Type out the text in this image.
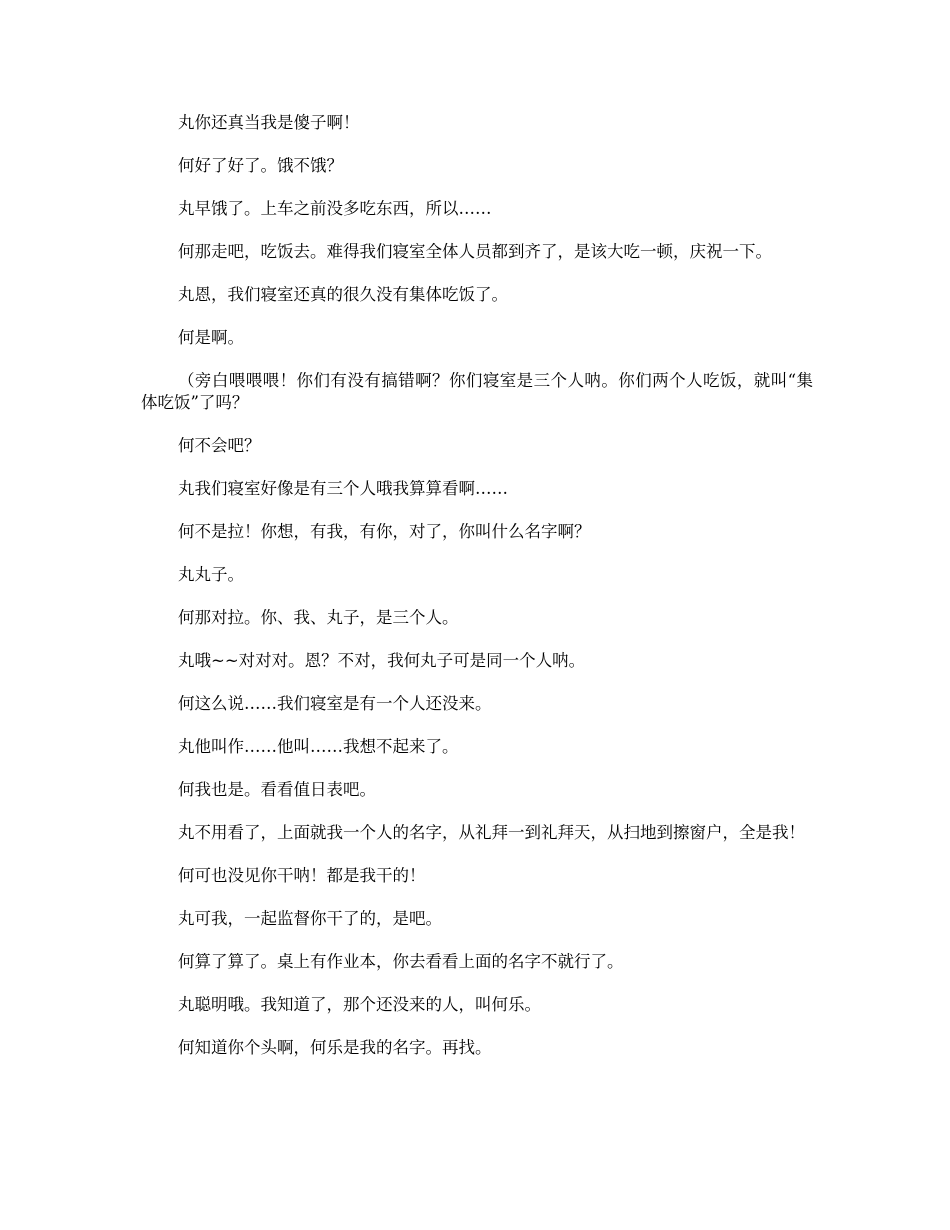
丸你还真当我是傻子啊！

何好了好了。饿不饿？

丸早饿了。上车之前没多吃东西，所以……

何那走吧，吃饭去。难得我们寝室全体人员都到齐了，是该大吃一顿，庆祝一下。

丸恩，我们寝室还真的很久没有集体吃饭了。

何是啊。

（旁白喂喂喂！你们有没有搞错啊？你们寝室是三个人呐。你们两个人吃饭，就叫“集体吃饭”了吗？

何不会吧？

丸我们寝室好像是有三个人哦我算算看啊……

何不是拉！你想，有我，有你，对了，你叫什么名字啊？

丸丸子。

何那对拉。你、我、丸子，是三个人。

丸哦~~对对对。恩？不对，我何丸子可是同一个人呐。

何这么说……我们寝室是有一个人还没来。

丸他叫作……他叫……我想不起来了。

何我也是。看看值日表吧。

丸不用看了，上面就我一个人的名字，从礼拜一到礼拜天，从扫地到擦窗户，全是我！

何可也没见你干呐！都是我干的！

丸可我，一起监督你干了的，是吧。

何算了算了。桌上有作业本，你去看看上面的名字不就行了。

丸聪明哦。我知道了，那个还没来的人，叫何乐。

何知道你个头啊，何乐是我的名字。再找。
